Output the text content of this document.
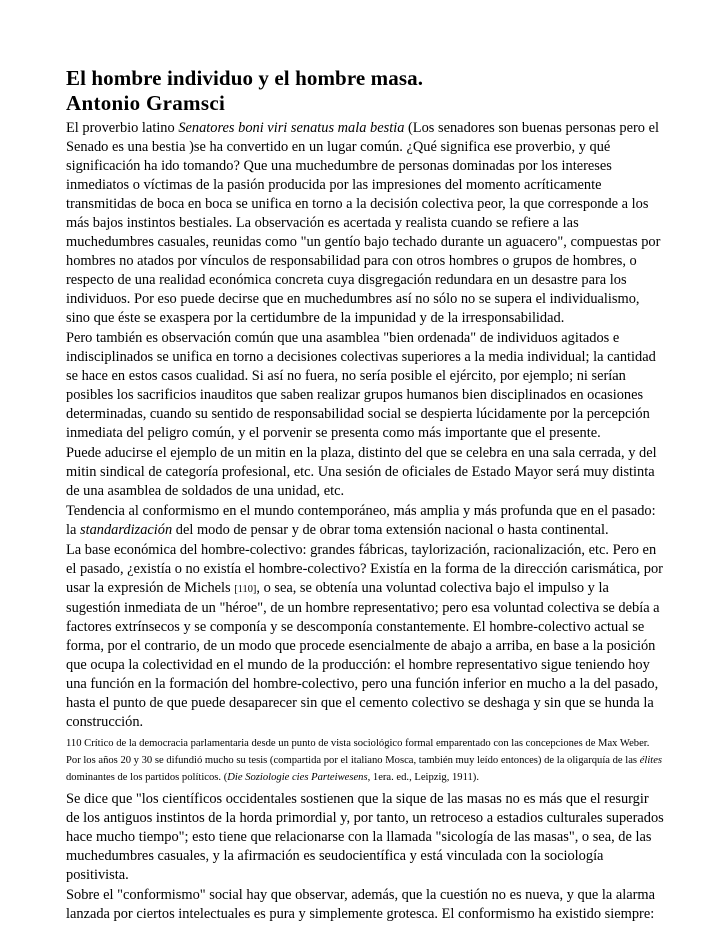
El hombre individuo y el hombre masa.
Antonio Gramsci

El proverbio latino Senatores boni viri senatus mala bestia (Los senadores son buenas personas pero el Senado es una bestia )se ha convertido en un lugar común. ¿Qué significa ese proverbio, y qué significación ha ido tomando? Que una muchedumbre de personas dominadas por los intereses inmediatos o víctimas de la pasión producida por las impresiones del momento acríticamente transmitidas de boca en boca se unifica en torno a la decisión colectiva peor, la que corresponde a los más bajos instintos bestiales. La observación es acertada y realista cuando se refiere a las muchedumbres casuales, reunidas como "un gentío bajo techado durante un aguacero", compuestas por hombres no atados por vínculos de responsabilidad para con otros hombres o grupos de hombres, o respecto de una realidad económica concreta cuya disgregación redundara en un desastre para los individuos. Por eso puede decirse que en muchedumbres así no sólo no se supera el individualismo, sino que éste se exaspera por la certidumbre de la impunidad y de la irresponsabilidad.

Pero también es observación común que una asamblea "bien ordenada" de individuos agitados e indisciplinados se unifica en torno a decisiones colectivas superiores a la media individual; la cantidad se hace en estos casos cualidad. Si así no fuera, no sería posible el ejército, por ejemplo; ni serían posibles los sacrificios inauditos que saben realizar grupos humanos bien disciplinados en ocasiones determinadas, cuando su sentido de responsabilidad social se despierta lúcidamente por la percepción inmediata del peligro común, y el porvenir se presenta como más importante que el presente.

Puede aducirse el ejemplo de un mitin en la plaza, distinto del que se celebra en una sala cerrada, y del mitin sindical de categoría profesional, etc. Una sesión de oficiales de Estado Mayor será muy distinta de una asamblea de soldados de una unidad, etc.

Tendencia al conformismo en el mundo contemporáneo, más amplia y más profunda que en el pasado: la standardización del modo de pensar y de obrar toma extensión nacional o hasta continental.

La base económica del hombre-colectivo: grandes fábricas, taylorización, racionalización, etc. Pero en el pasado, ¿existía o no existía el hombre-colectivo? Existía en la forma de la dirección carismática, por usar la expresión de Michels [110], o sea, se obtenía una voluntad colectiva bajo el impulso y la sugestión inmediata de un "héroe", de un hombre representativo; pero esa voluntad colectiva se debía a factores extrínsecos y se componía y se descomponía constantemente. El hombre-colectivo actual se forma, por el contrario, de un modo que procede esencialmente de abajo a arriba, en base a la posición que ocupa la colectividad en el mundo de la producción: el hombre representativo sigue teniendo hoy una función en la formación del hombre-colectivo, pero una función inferior en mucho a la del pasado, hasta el punto de que puede desaparecer sin que el cemento colectivo se deshaga y sin que se hunda la construcción.

110 Crítico de la democracia parlamentaria desde un punto de vista sociológico formal emparentado con las concepciones de Max Weber. Por los años 20 y 30 se difundió mucho su tesis (compartida por el italiano Mosca, también muy leído entonces) de la oligarquía de las élites dominantes de los partidos políticos. (Die Soziologie cies Parteiwesens, 1era. ed., Leipzig, 1911).

Se dice que "los científicos occidentales sostienen que la sique de las masas no es más que el resurgir de los antiguos instintos de la horda primordial y, por tanto, un retroceso a estadios culturales superados hace mucho tiempo"; esto tiene que relacionarse con la llamada "sicología de las masas", o sea, de las muchedumbres casuales, y la afirmación es seudocientífica y está vinculada con la sociología positivista.

Sobre el "conformismo" social hay que observar, además, que la cuestión no es nueva, y que la alarma lanzada por ciertos intelectuales es pura y simplemente grotesca. El conformismo ha existido siempre:
